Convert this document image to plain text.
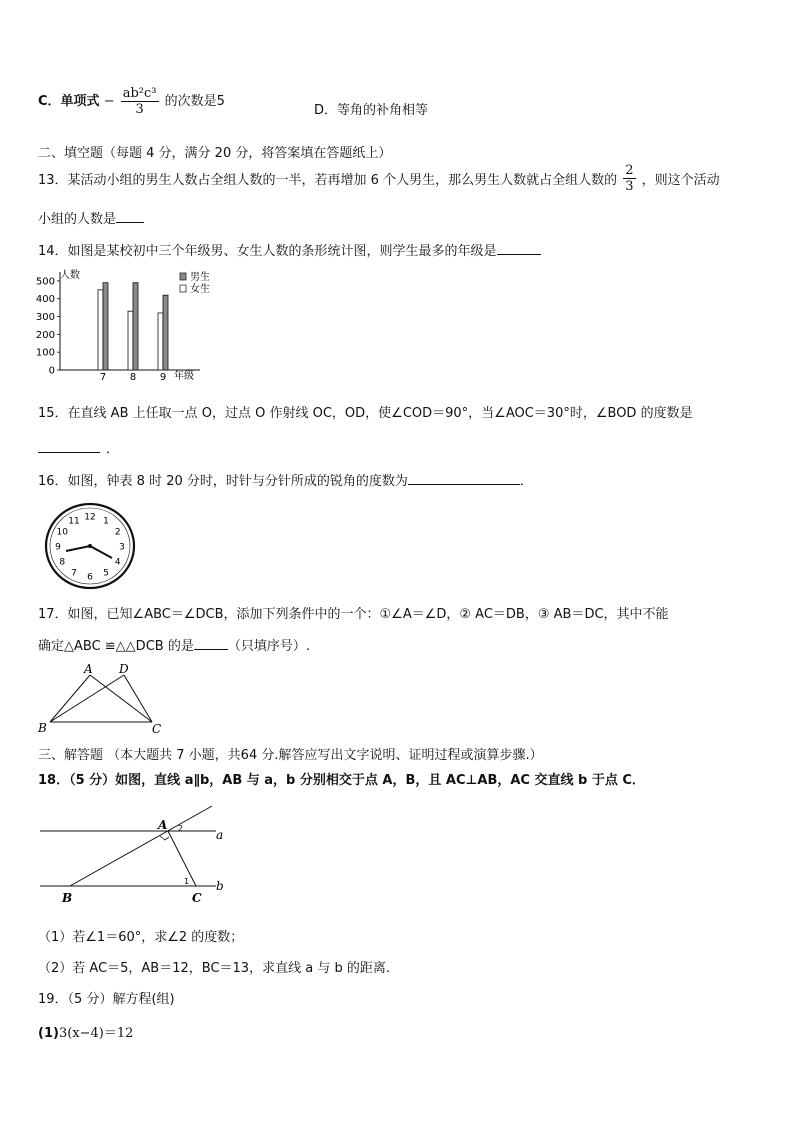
C．单项式 − $\frac{\text{ab²c³}}{3}$ 的次数是5
D．等角的补角相等
二、填空题（每题 4 分，满分 20 分，将答案填在答题纸上）
13．某活动小组的男生人数占全组人数的一半，若再增加 6 个人男生，那么男生人数就占全组人数的 $\frac{2}{3}$ ，则这个活动
小组的人数是
14．如图是某校初中三个年级男、女生人数的条形统计图，则学生最多的年级是
人数
年级
0
100
200
300
400
500
7 8 9
男生
女生
15．在直线 AB 上任取一点 O，过点 O 作射线 OC，OD，使∠COD＝90°，当∠AOC＝30°时，∠BOD 的度数是
．
16．如图，钟表 8 时 20 分时，时针与分针所成的锐角的度数为	．
12 1
2
3
4
5
6
7
8
9
10
11
17．如图，已知∠ABC＝∠DCB，添加下列条件中的一个：①∠A＝∠D，② AC＝DB，③ AB＝DC，其中不能
确定△ABC ≌△△DCB 的是	（只填序号）.
A D
B	C
三、解答题 （本大题共 7 小题，共64 分.解答应写出文字说明、证明过程或演算步骤.）
18．（5 分）如图，直线 a∥b，AB 与 a，b 分别相交于点 A，B，且 AC⊥AB，AC 交直线 b 于点 C．
A 2	a
1 b
B	C
（1）若∠1＝60°，求∠2 的度数；
（2）若 AC＝5，AB＝12，BC＝13，求直线 a 与 b 的距离.
19．（5 分）解方程(组)
(1)3(x−4)＝12
